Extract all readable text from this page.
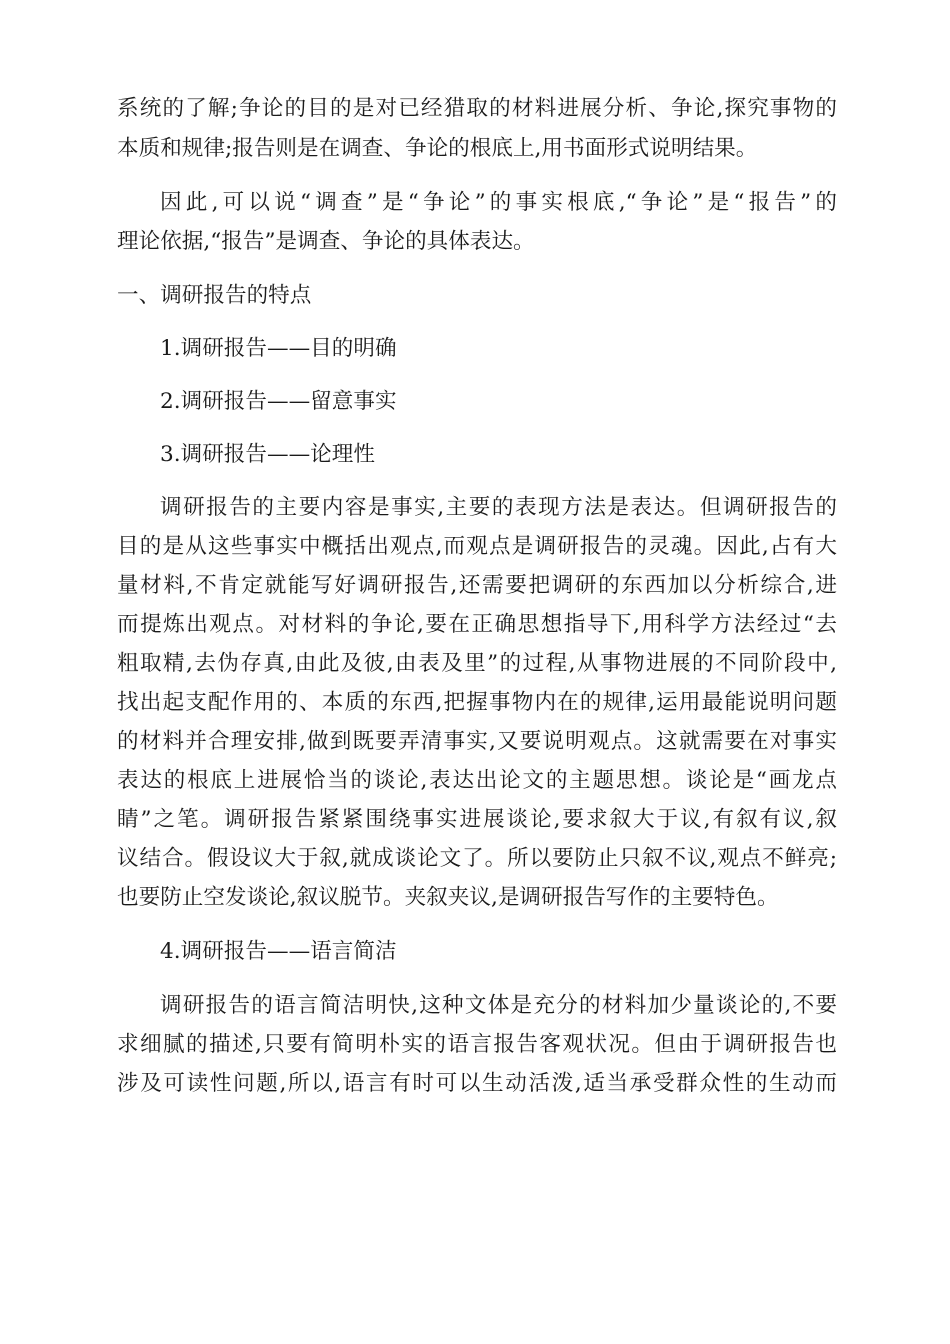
系统的了解;争论的目的是对已经猎取的材料进展分析、争论,探究事物的
本质和规律;报告则是在调查、争论的根底上,用书面形式说明结果。
因此,可以说“调查”是“争论”的事实根底,“争论”是“报告”的
理论依据,“报告”是调查、争论的具体表达。
一、调研报告的特点
1.调研报告——目的明确
2.调研报告——留意事实
3.调研报告——论理性
调研报告的主要内容是事实,主要的表现方法是表达。但调研报告的
目的是从这些事实中概括出观点,而观点是调研报告的灵魂。因此,占有大
量材料,不肯定就能写好调研报告,还需要把调研的东西加以分析综合,进
而提炼出观点。对材料的争论,要在正确思想指导下,用科学方法经过“去
粗取精,去伪存真,由此及彼,由表及里”的过程,从事物进展的不同阶段中,
找出起支配作用的、本质的东西,把握事物内在的规律,运用最能说明问题
的材料并合理安排,做到既要弄清事实,又要说明观点。这就需要在对事实
表达的根底上进展恰当的谈论,表达出论文的主题思想。谈论是“画龙点
睛”之笔。调研报告紧紧围绕事实进展谈论,要求叙大于议,有叙有议,叙
议结合。假设议大于叙,就成谈论文了。所以要防止只叙不议,观点不鲜亮;
也要防止空发谈论,叙议脱节。夹叙夹议,是调研报告写作的主要特色。
4.调研报告——语言简洁
调研报告的语言简洁明快,这种文体是充分的材料加少量谈论的,不要
求细腻的描述,只要有简明朴实的语言报告客观状况。但由于调研报告也
涉及可读性问题,所以,语言有时可以生动活泼,适当承受群众性的生动而
